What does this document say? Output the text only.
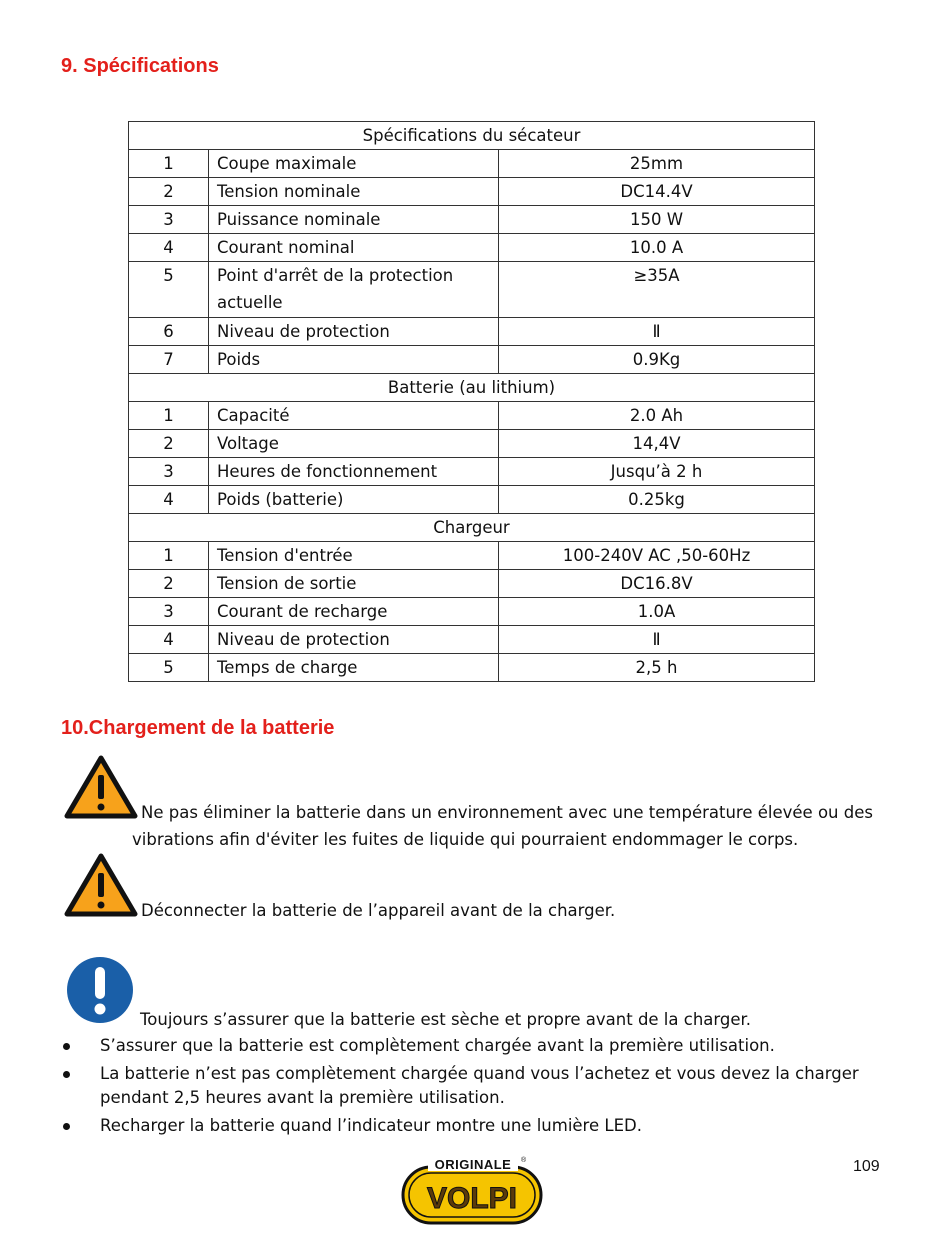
9. Spécifications
Spécifications du sécateur		
1	Coupe maximale	25mm
2	Tension nominale	DC14.4V
3	Puissance nominale	150 W
4	Courant nominal	10.0 A
5	Point d'arrêt de la protection actuelle	≥35A
6	Niveau de protection	Ⅱ
7	Poids	0.9Kg
Batterie (au lithium)		
1	Capacité	2.0 Ah
2	Voltage	14,4V
3	Heures de fonctionnement	Jusqu’à 2 h
4	Poids (batterie)	0.25kg
Chargeur		
1	Tension d'entrée	100-240V AC ,50-60Hz
2	Tension de sortie	DC16.8V
3	Courant de recharge	1.0A
4	Niveau de protection	Ⅱ
5	Temps de charge	2,5 h
10.Chargement de la batterie
Ne pas éliminer la batterie dans un environnement avec une température élevée ou des
vibrations afin d'éviter les fuites de liquide qui pourraient endommager le corps.
Déconnecter la batterie de l’appareil avant de la charger.
Toujours s’assurer que la batterie est sèche et propre avant de la charger.
S’assurer que la batterie est complètement chargée avant la première utilisation.
La batterie n’est pas complètement chargée quand vous l’achetez et vous devez la charger pendant 2,5 heures avant la première utilisation.
Recharger la batterie quand l’indicateur montre une lumière LED.
109
ORIGINALE ®
VOLPI
